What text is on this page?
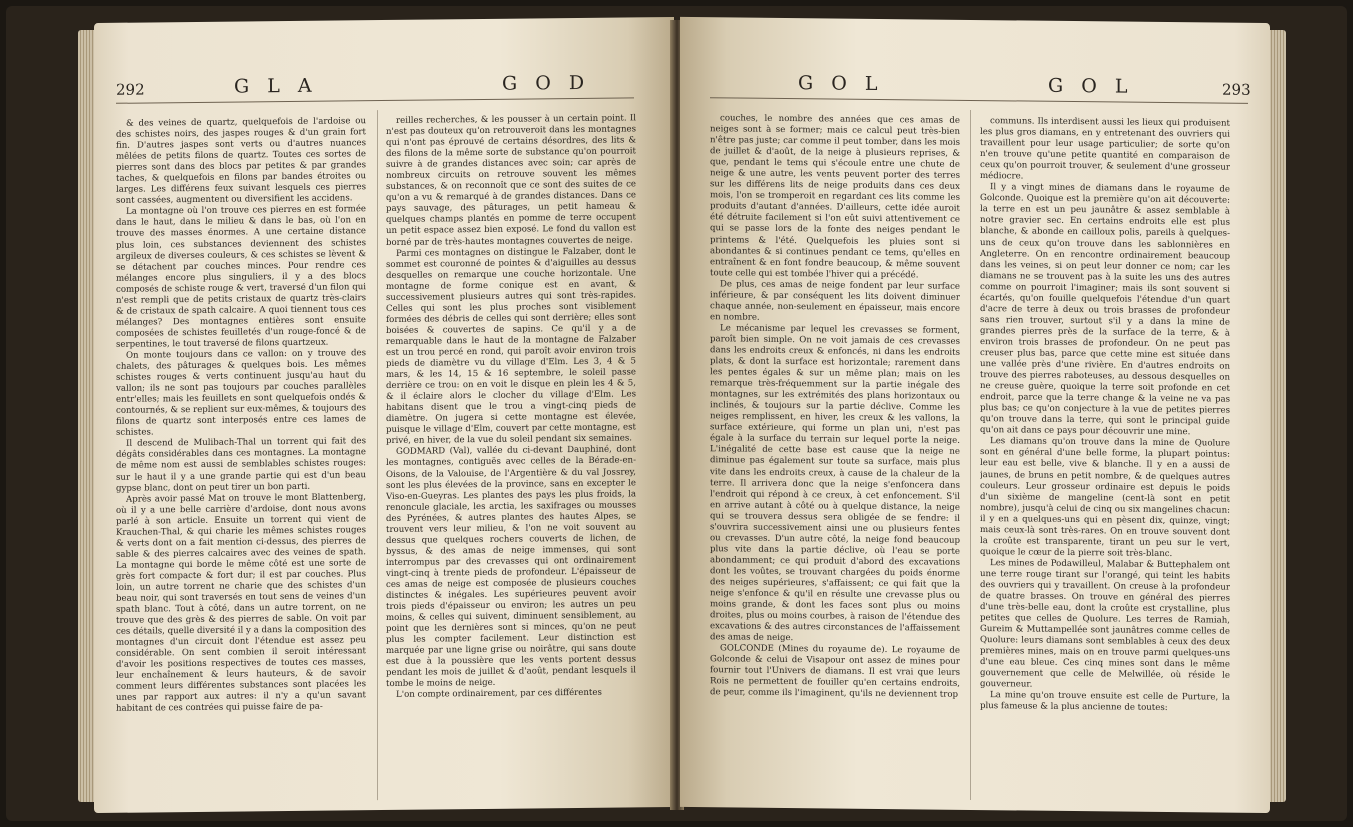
292	G L A	G O D

& des veines de quartz, quelquefois de l'ardoise ou des schistes noirs, des jaspes rouges & d'un grain fort fin. D'autres jaspes sont verts ou d'autres nuances mêlées de petits filons de quartz. Toutes ces sortes de pierres sont dans des blocs par petites & par grandes taches, & quelquefois en filons par bandes étroites ou larges. Les différens feux suivant lesquels ces pierres sont cassées, augmentent ou diversifient les accidens.

La montagne où l'on trouve ces pierres en est formée dans le haut, dans le milieu & dans le bas, où l'on en trouve des masses énormes. A une certaine distance plus loin, ces substances deviennent des schistes argileux de diverses couleurs, & ces schistes se lèvent & se détachent par couches minces. Pour rendre ces mélanges encore plus singuliers, il y a des blocs composés de schiste rouge & vert, traversé d'un filon qui n'est rempli que de petits cristaux de quartz très-clairs & de cristaux de spath calcaire. A quoi tiennent tous ces mélanges? Des montagnes entières sont ensuite composées de schistes feuilletés d'un rouge-foncé & de serpentines, le tout traversé de filons quartzeux.

On monte toujours dans ce vallon: on y trouve des chalets, des pâturages & quelques bois. Les mêmes schistes rouges & verts continuent jusqu'au haut du vallon; ils ne sont pas toujours par couches parallèles entr'elles; mais les feuillets en sont quelquefois ondés & contournés, & se replient sur eux-mêmes, & toujours des filons de quartz sont interposés entre ces lames de schistes.

Il descend de Mulibach-Thal un torrent qui fait des dégâts considérables dans ces montagnes. La montagne de même nom est aussi de semblables schistes rouges: sur le haut il y a une grande partie qui est d'un beau gypse blanc, dont on peut tirer un bon parti.

Après avoir passé Mat on trouve le mont Blattenberg, où il y a une belle carrière d'ardoise, dont nous avons parlé à son article. Ensuite un torrent qui vient de Krauchen-Thal, & qui charie les mêmes schistes rouges & verts dont on a fait mention ci-dessus, des pierres de sable & des pierres calcaires avec des veines de spath. La montagne qui borde le même côté est une sorte de grès fort compacte & fort dur; il est par couches. Plus loin, un autre torrent ne charie que des schistes d'un beau noir, qui sont traversés en tout sens de veines d'un spath blanc. Tout à côté, dans un autre torrent, on ne trouve que des grès & des pierres de sable. On voit par ces détails, quelle diversité il y a dans la composition des montagnes d'un circuit dont l'étendue est assez peu considérable. On sent combien il seroit intéressant d'avoir les positions respectives de toutes ces masses, leur enchaînement & leurs hauteurs, & de savoir comment leurs différentes substances sont placées les unes par rapport aux autres: il n'y a qu'un savant habitant de ces contrées qui puisse faire de pa-

reilles recherches, & les pousser à un certain point. Il n'est pas douteux qu'on retrouveroit dans les montagnes qui n'ont pas éprouvé de certains désordres, des lits & des filons de la même sorte de substance qu'on pourroit suivre à de grandes distances avec soin; car après de nombreux circuits on retrouve souvent les mêmes substances, & on reconnoît que ce sont des suites de ce qu'on a vu & remarqué à de grandes distances. Dans ce pays sauvage, des pâturages, un petit hameau & quelques champs plantés en pomme de terre occupent un petit espace assez bien exposé. Le fond du vallon est borné par de très-hautes montagnes couvertes de neige.

Parmi ces montagnes on distingue le Falzaber, dont le sommet est couronné de pointes & d'aiguilles au dessus desquelles on remarque une couche horizontale. Une montagne de forme conique est en avant, & successivement plusieurs autres qui sont très-rapides. Celles qui sont les plus proches sont visiblement formées des débris de celles qui sont derrière; elles sont boisées & couvertes de sapins. Ce qu'il y a de remarquable dans le haut de la montagne de Falzaber est un trou percé en rond, qui paroît avoir environ trois pieds de diamètre vu du village d'Elm. Les 3, 4 & 5 mars, & les 14, 15 & 16 septembre, le soleil passe derrière ce trou: on en voit le disque en plein les 4 & 5, & il éclaire alors le clocher du village d'Elm. Les habitans disent que le trou a vingt-cinq pieds de diamètre. On jugera si cette montagne est élevée, puisque le village d'Elm, couvert par cette montagne, est privé, en hiver, de la vue du soleil pendant six semaines.

GODMARD (Val), vallée du ci-devant Dauphiné, dont les montagnes, contiguës avec celles de la Bérade-en-Oisons, de la Valouise, de l'Argentière & du val Jossrey, sont les plus élevées de la province, sans en excepter le Viso-en-Gueyras. Les plantes des pays les plus froids, la renoncule glaciale, les arctia, les saxifrages ou mousses des Pyrénées, & autres plantes des hautes Alpes, se trouvent vers leur milieu, & l'on ne voit souvent au dessus que quelques rochers couverts de lichen, de byssus, & des amas de neige immenses, qui sont interrompus par des crevasses qui ont ordinairement vingt-cinq à trente pieds de profondeur. L'épaisseur de ces amas de neige est composée de plusieurs couches distinctes & inégales. Les supérieures peuvent avoir trois pieds d'épaisseur ou environ; les autres un peu moins, & celles qui suivent, diminuent sensiblement, au point que les dernières sont si minces, qu'on ne peut plus les compter facilement. Leur distinction est marquée par une ligne grise ou noirâtre, qui sans doute est due à la poussière que les vents portent dessus pendant les mois de juillet & d'août, pendant lesquels il tombe le moins de neige.

L'on compte ordinairement, par ces différentes

G O L	G O L	293

couches, le nombre des années que ces amas de neiges sont à se former; mais ce calcul peut très-bien n'être pas juste; car comme il peut tomber, dans les mois de juillet & d'août, de la neige à plusieurs reprises, & que, pendant le tems qui s'écoule entre une chute de neige & une autre, les vents peuvent porter des terres sur les différens lits de neige produits dans ces deux mois, l'on se tromperoit en regardant ces lits comme les produits d'autant d'années. D'ailleurs, cette idée auroit été détruite facilement si l'on eût suivi attentivement ce qui se passe lors de la fonte des neiges pendant le printems & l'été. Quelquefois les pluies sont si abondantes & si continues pendant ce tems, qu'elles en entraînent & en font fondre beaucoup, & même souvent toute celle qui est tombée l'hiver qui a précédé.

De plus, ces amas de neige fondent par leur surface inférieure, & par conséquent les lits doivent diminuer chaque année, non-seulement en épaisseur, mais encore en nombre.

Le mécanisme par lequel les crevasses se forment, paroît bien simple. On ne voit jamais de ces crevasses dans les endroits creux & enfoncés, ni dans les endroits plats, & dont la surface est horizontale; rarement dans les pentes égales & sur un même plan; mais on les remarque très-fréquemment sur la partie inégale des montagnes, sur les extrémités des plans horizontaux ou inclinés, & toujours sur la partie déclive. Comme les neiges remplissent, en hiver, les creux & les vallons, la surface extérieure, qui forme un plan uni, n'est pas égale à la surface du terrain sur lequel porte la neige. L'inégalité de cette base est cause que la neige ne diminue pas également sur toute sa surface, mais plus vite dans les endroits creux, à cause de la chaleur de la terre. Il arrivera donc que la neige s'enfoncera dans l'endroit qui répond à ce creux, à cet enfoncement. S'il en arrive autant à côté ou à quelque distance, la neige qui se trouvera dessus sera obligée de se fendre: il s'ouvrira successivement ainsi une ou plusieurs fentes ou crevasses. D'un autre côté, la neige fond beaucoup plus vite dans la partie déclive, où l'eau se porte abondamment; ce qui produit d'abord des excavations dont les voûtes, se trouvant chargées du poids énorme des neiges supérieures, s'affaissent; ce qui fait que la neige s'enfonce & qu'il en résulte une crevasse plus ou moins grande, & dont les faces sont plus ou moins droites, plus ou moins courbes, à raison de l'étendue des excavations & des autres circonstances de l'affaissement des amas de neige.

GOLCONDE (Mines du royaume de). Le royaume de Golconde & celui de Visapour ont assez de mines pour fournir tout l'Univers de diamans. Il est vrai que leurs Rois ne permettent de fouiller qu'en certains endroits, de peur, comme ils l'imaginent, qu'ils ne deviennent trop

communs. Ils interdisent aussi les lieux qui produisent les plus gros diamans, en y entretenant des ouvriers qui travaillent pour leur usage particulier; de sorte qu'on n'en trouve qu'une petite quantité en comparaison de ceux qu'on pourroit trouver, & seulement d'une grosseur médiocre.

Il y a vingt mines de diamans dans le royaume de Golconde. Quoique est la première qu'on ait découverte: la terre en est un peu jaunâtre & assez semblable à notre gravier sec. En certains endroits elle est plus blanche, & abonde en cailloux polis, pareils à quelques-uns de ceux qu'on trouve dans les sablonnières en Angleterre. On en rencontre ordinairement beaucoup dans les veines, si on peut leur donner ce nom; car les diamans ne se trouvent pas à la suite les uns des autres comme on pourroit l'imaginer; mais ils sont souvent si écartés, qu'on fouille quelquefois l'étendue d'un quart d'acre de terre à deux ou trois brasses de profondeur sans rien trouver, surtout s'il y a dans la mine de grandes pierres près de la surface de la terre, & à environ trois brasses de profondeur. On ne peut pas creuser plus bas, parce que cette mine est située dans une vallée près d'une rivière. En d'autres endroits on trouve des pierres raboteuses, au dessous desquelles on ne creuse guère, quoique la terre soit profonde en cet endroit, parce que la terre change & la veine ne va pas plus bas; ce qu'on conjecture à la vue de petites pierres qu'on trouve dans la terre, qui sont le principal guide qu'on ait dans ce pays pour découvrir une mine.

Les diamans qu'on trouve dans la mine de Quolure sont en général d'une belle forme, la plupart pointus: leur eau est belle, vive & blanche. Il y en a aussi de jaunes, de bruns en petit nombre, & de quelques autres couleurs. Leur grosseur ordinaire est depuis le poids d'un sixième de mangeline (cent-là sont en petit nombre), jusqu'à celui de cinq ou six mangelines chacun: il y en a quelques-uns qui en pèsent dix, quinze, vingt; mais ceux-là sont très-rares. On en trouve souvent dont la croûte est transparente, tirant un peu sur le vert, quoique le cœur de la pierre soit très-blanc.

Les mines de Podawilleul, Malabar & Buttephalem ont une terre rouge tirant sur l'orangé, qui teint les habits des ouvriers qui y travaillent. On creuse à la profondeur de quatre brasses. On trouve en général des pierres d'une très-belle eau, dont la croûte est crystalline, plus petites que celles de Quolure. Les terres de Ramiah, Gureim & Muttampellée sont jaunâtres comme celles de Quolure: leurs diamans sont semblables à ceux des deux premières mines, mais on en trouve parmi quelques-uns d'une eau bleue. Ces cinq mines sont dans le même gouvernement que celle de Melwillée, où réside le gouverneur.

La mine qu'on trouve ensuite est celle de Purture, la plus fameuse & la plus ancienne de toutes:
